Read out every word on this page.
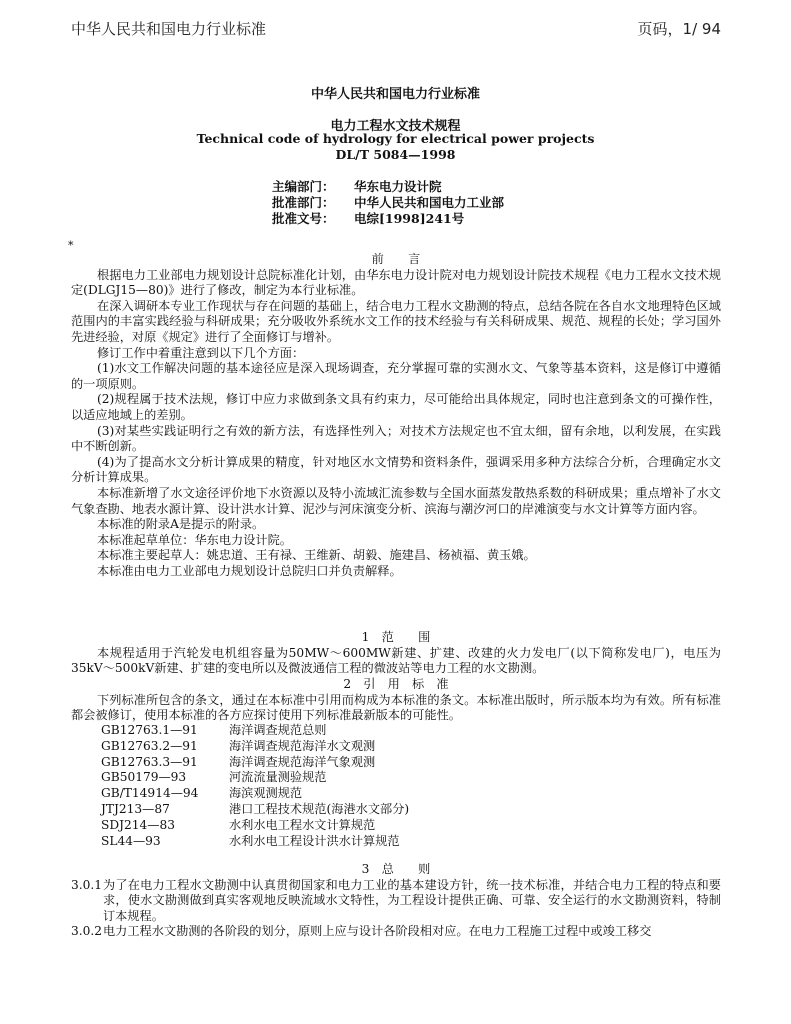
中华人民共和国电力行业标准	页码，1/ 94
中华人民共和国电力行业标准
电力工程水文技术规程
Technical code of hydrology for electrical power projects
DL/T 5084—1998
主编部门： 华东电力设计院
批准部门： 中华人民共和国电力工业部
批准文号： 电综[1998]241号
*

前　　言

根据电力工业部电力规划设计总院标准化计划，由华东电力设计院对电力规划设计院技术规程《电力工程水文技术规定(DLGJ15—80)》进行了修改，制定为本行业标准。

在深入调研本专业工作现状与存在问题的基础上，结合电力工程水文勘测的特点，总结各院在各自水文地理特色区域范围内的丰富实践经验与科研成果；充分吸收外系统水文工作的技术经验与有关科研成果、规范、规程的长处；学习国外先进经验，对原《规定》进行了全面修订与增补。

修订工作中着重注意到以下几个方面：

(1)水文工作解决问题的基本途径应是深入现场调查，充分掌握可靠的实测水文、气象等基本资料，这是修订中遵循的一项原则。

(2)规程属于技术法规，修订中应力求做到条文具有约束力，尽可能给出具体规定，同时也注意到条文的可操作性，以适应地域上的差别。

(3)对某些实践证明行之有效的新方法，有选择性列入；对技术方法规定也不宜太细，留有余地，以利发展，在实践中不断创新。

(4)为了提高水文分析计算成果的精度，针对地区水文情势和资料条件，强调采用多种方法综合分析，合理确定水文分析计算成果。

本标准新增了水文途径评价地下水资源以及特小流域汇流参数与全国水面蒸发散热系数的科研成果；重点增补了水文气象查勘、地表水源计算、设计洪水计算、泥沙与河床演变分析、滨海与潮汐河口的岸滩演变与水文计算等方面内容。

本标准的附录A是提示的附录。

本标准起草单位：华东电力设计院。

本标准主要起草人：姚忠道、王有禄、王维新、胡毅、施建昌、杨祯福、黄玉娥。

本标准由电力工业部电力规划设计总院归口并负责解释。

1　范　　围

本规程适用于汽轮发电机组容量为50MW～600MW新建、扩建、改建的火力发电厂(以下简称发电厂)，电压为35kV～500kV新建、扩建的变电所以及微波通信工程的微波站等电力工程的水文勘测。

2　引　用　标　准

下列标准所包含的条文，通过在本标准中引用而构成为本标准的条文。本标准出版时，所示版本均为有效。所有标准都会被修订，使用本标准的各方应探讨使用下列标准最新版本的可能性。

GB12763.1—91	海洋调查规范总则
GB12763.2—91	海洋调查规范海洋水文观测
GB12763.3—91	海洋调查规范海洋气象观测
GB50179—93	河流流量测验规范
GB/T14914—94	海滨观测规范
JTJ213—87	港口工程技术规范(海港水文部分)
SDJ214—83	水利水电工程水文计算规范
SL44—93	水利水电工程设计洪水计算规范

3　总　　则

3.0.1 为了在电力工程水文勘测中认真贯彻国家和电力工业的基本建设方针，统一技术标准，并结合电力工程的特点和要求，使水文勘测做到真实客观地反映流域水文特性，为工程设计提供正确、可靠、安全运行的水文勘测资料，特制订本规程。
3.0.2 电力工程水文勘测的各阶段的划分，原则上应与设计各阶段相对应。在电力工程施工过程中或竣工移交
